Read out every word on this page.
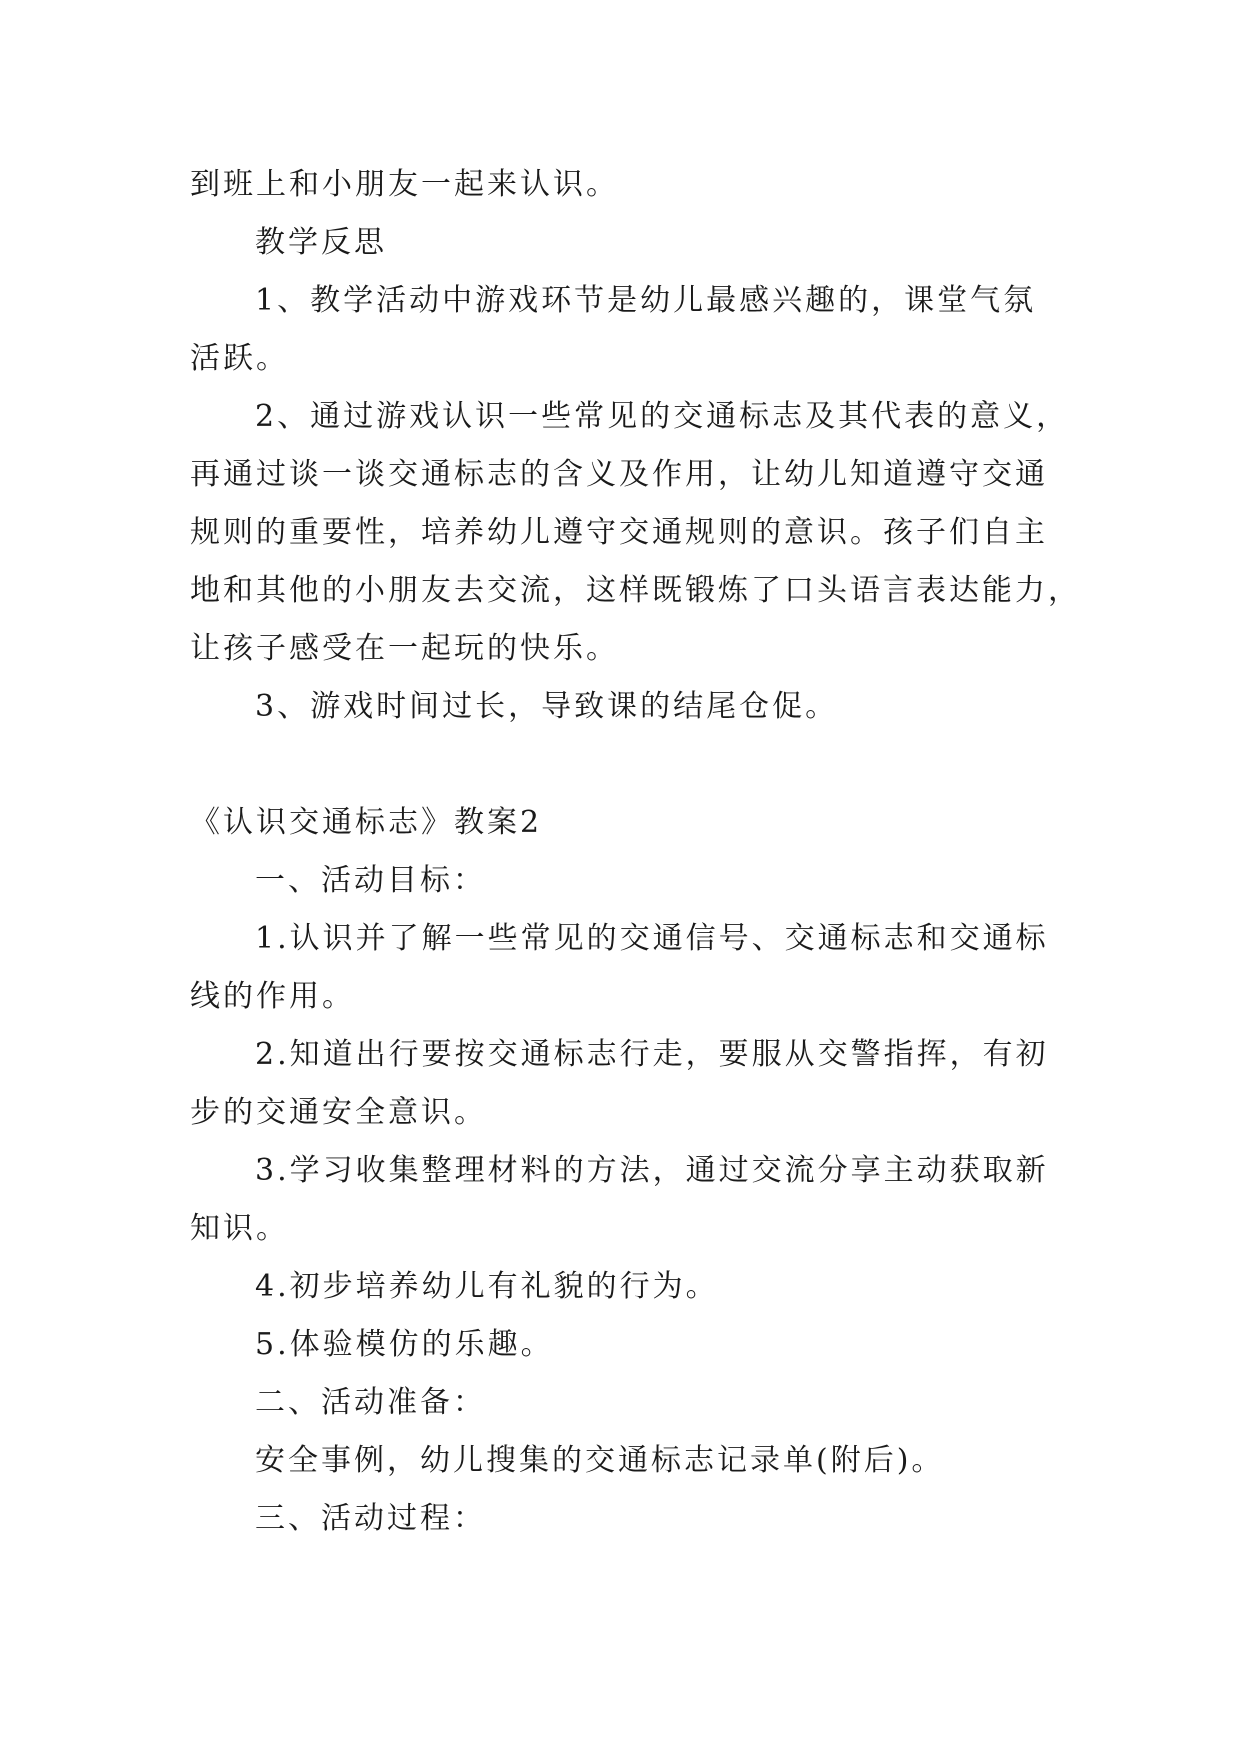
到班上和小朋友一起来认识。
教学反思
1、教学活动中游戏环节是幼儿最感兴趣的，课堂气氛
活跃。
2、通过游戏认识一些常见的交通标志及其代表的意义，
再通过谈一谈交通标志的含义及作用，让幼儿知道遵守交通
规则的重要性，培养幼儿遵守交通规则的意识。孩子们自主
地和其他的小朋友去交流，这样既锻炼了口头语言表达能力，
让孩子感受在一起玩的快乐。
3、游戏时间过长，导致课的结尾仓促。
《认识交通标志》教案2
一、活动目标：
1.认识并了解一些常见的交通信号、交通标志和交通标
线的作用。
2.知道出行要按交通标志行走，要服从交警指挥，有初
步的交通安全意识。
3.学习收集整理材料的方法，通过交流分享主动获取新
知识。
4.初步培养幼儿有礼貌的行为。
5.体验模仿的乐趣。
二、活动准备：
安全事例，幼儿搜集的交通标志记录单(附后)。
三、活动过程：
